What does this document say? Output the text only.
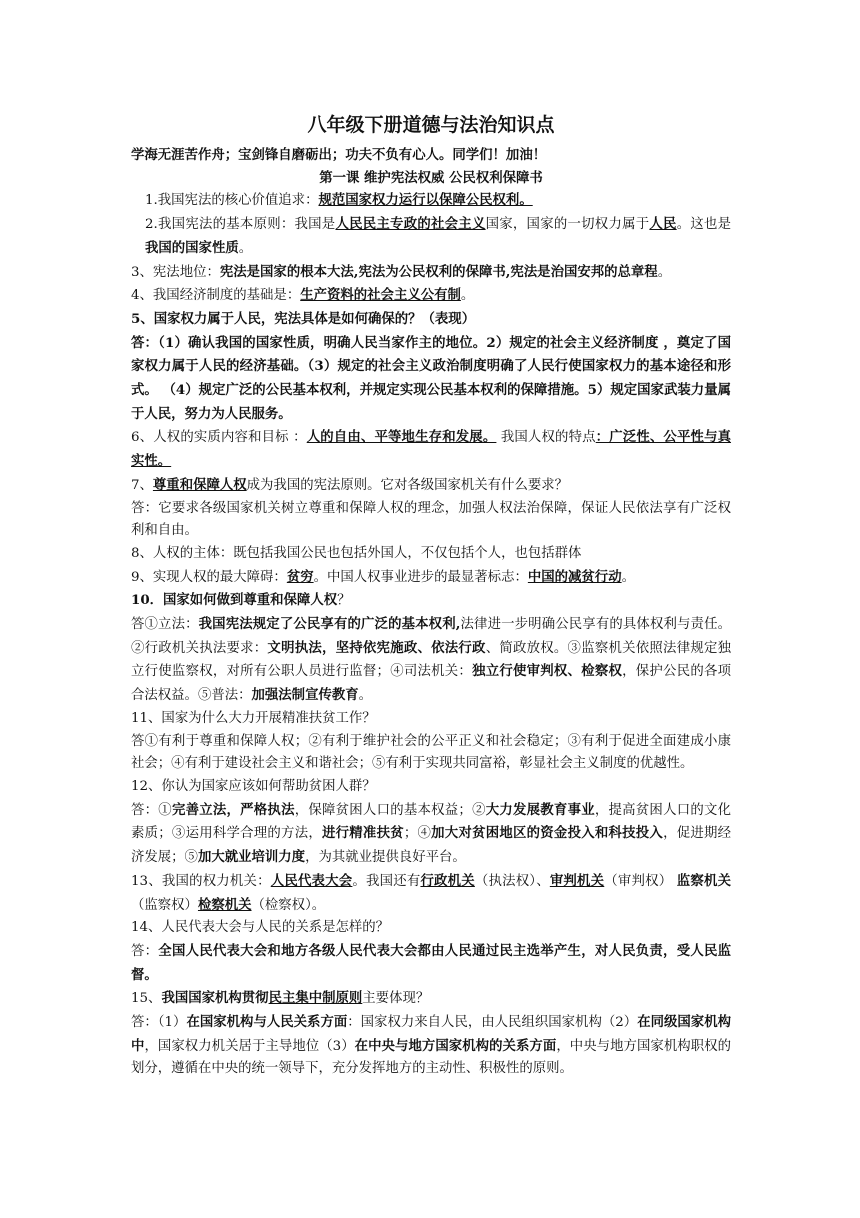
八年级下册道德与法治知识点

学海无涯苦作舟；宝剑锋自磨砺出；功夫不负有心人。同学们！加油！

第一课 维护宪法权威 公民权利保障书

1.我国宪法的核心价值追求：规范国家权力运行以保障公民权利。

2.我国宪法的基本原则：我国是人民民主专政的社会主义国家，国家的一切权力属于人民。这也是我国的国家性质。

3、宪法地位：宪法是国家的根本大法,宪法为公民权利的保障书,宪法是治国安邦的总章程。

4、我国经济制度的基础是：生产资料的社会主义公有制。

5、国家权力属于人民，宪法具体是如何确保的？（表现）

答：（1）确认我国的国家性质，明确人民当家作主的地位。2）规定的社会主义经济制度 ，奠定了国家权力属于人民的经济基础。（3）规定的社会主义政治制度明确了人民行使国家权力的基本途径和形式。 （4）规定广泛的公民基本权利，并规定实现公民基本权利的保障措施。5）规定国家武装力量属于人民，努力为人民服务。

6、人权的实质内容和目标 ：人的自由、平等地生存和发展。 我国人权的特点：广泛性、公平性与真实性。

7、尊重和保障人权成为我国的宪法原则。它对各级国家机关有什么要求？

答：它要求各级国家机关树立尊重和保障人权的理念，加强人权法治保障，保证人民依法享有广泛权利和自由。

8、人权的主体：既包括我国公民也包括外国人，不仅包括个人，也包括群体

9、实现人权的最大障碍：贫穷。中国人权事业进步的最显著标志：中国的减贫行动。

10．国家如何做到尊重和保障人权？

答①立法：我国宪法规定了公民享有的广泛的基本权利,法律进一步明确公民享有的具体权利与责任。②行政机关执法要求：文明执法，坚持依宪施政、依法行政、简政放权。③监察机关依照法律规定独立行使监察权，对所有公职人员进行监督；④司法机关：独立行使审判权、检察权，保护公民的各项合法权益。⑤普法：加强法制宣传教育。

11、国家为什么大力开展精准扶贫工作？

答①有利于尊重和保障人权；②有利于维护社会的公平正义和社会稳定；③有利于促进全面建成小康社会；④有利于建设社会主义和谐社会；⑤有利于实现共同富裕，彰显社会主义制度的优越性。

12、你认为国家应该如何帮助贫困人群？

答：①完善立法，严格执法，保障贫困人口的基本权益；②大力发展教育事业，提高贫困人口的文化素质；③运用科学合理的方法，进行精准扶贫；④加大对贫困地区的资金投入和科技投入，促进期经济发展；⑤加大就业培训力度，为其就业提供良好平台。

13、我国的权力机关：人民代表大会。我国还有行政机关（执法权）、审判机关（审判权） 监察机关（监察权）检察机关（检察权）。

14、人民代表大会与人民的关系是怎样的？

答：全国人民代表大会和地方各级人民代表大会都由人民通过民主选举产生，对人民负责，受人民监督。

15、我国国家机构贯彻民主集中制原则主要体现？

答：（1）在国家机构与人民关系方面：国家权力来自人民，由人民组织国家机构（2）在同级国家机构中，国家权力机关居于主导地位（3）在中央与地方国家机构的关系方面，中央与地方国家机构职权的划分，遵循在中央的统一领导下，充分发挥地方的主动性、积极性的原则。
